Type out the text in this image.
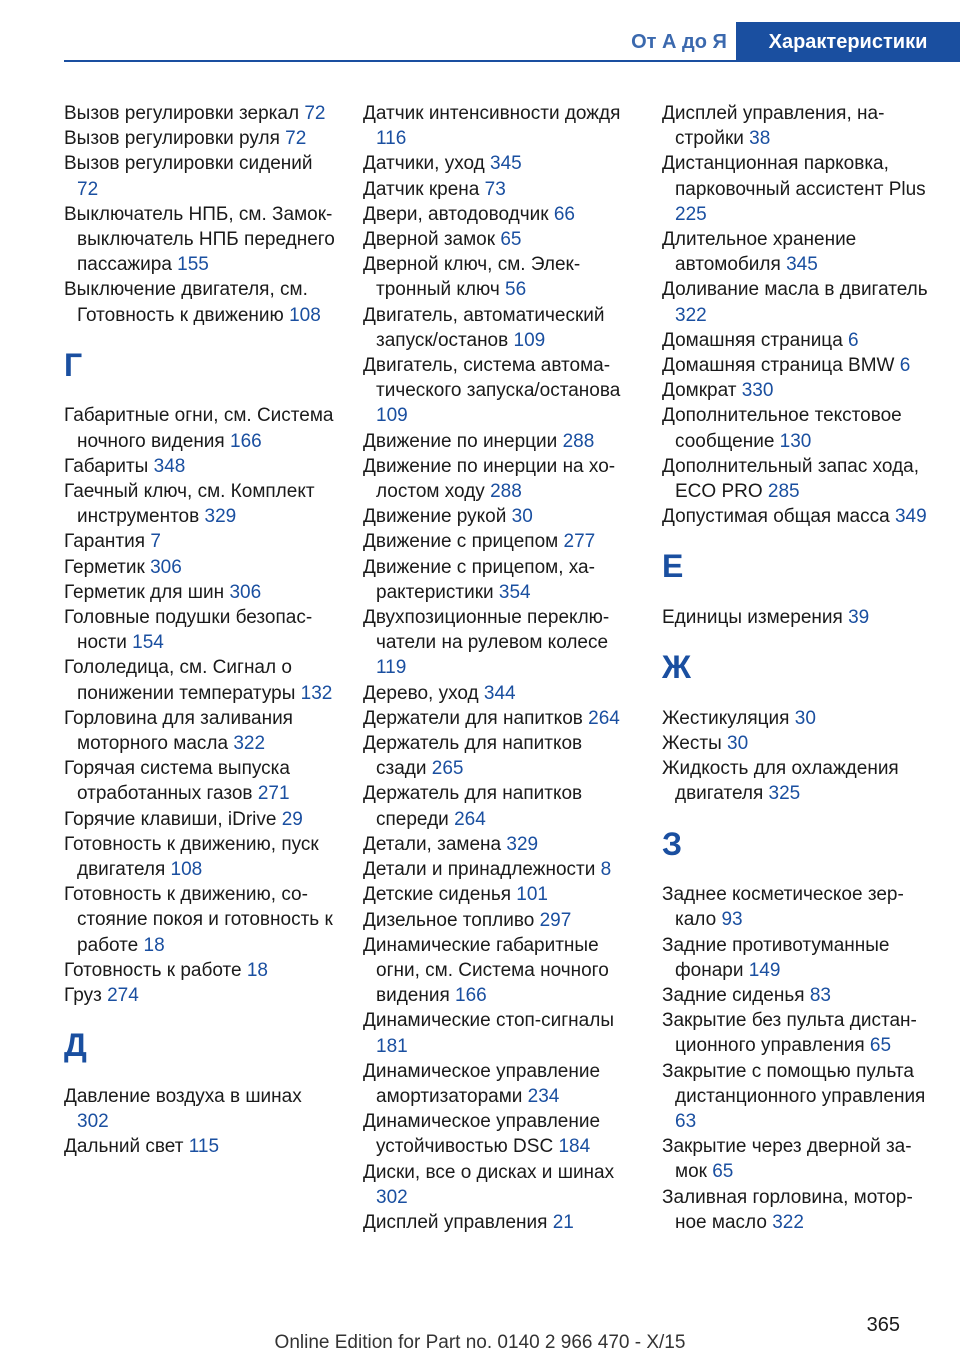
От А до Я	Характеристики
Вызов регулировки зеркал 72
Вызов регулировки руля 72
Вызов регулировки сидений 72
Выключатель НПБ, см. Замок-выключатель НПБ переднего пассажира 155
Выключение двигателя, см. Готовность к движению 108
Г
Габаритные огни, см. Система ночного видения 166
Габариты 348
Гаечный ключ, см. Комплект инструментов 329
Гарантия 7
Герметик 306
Герметик для шин 306
Головные подушки безопасности 154
Гололедица, см. Сигнал о понижении температуры 132
Горловина для заливания моторного масла 322
Горячая система выпуска отработанных газов 271
Горячие клавиши, iDrive 29
Готовность к движению, пуск двигателя 108
Готовность к движению, состояние покоя и готовность к работе 18
Готовность к работе 18
Груз 274
Д
Давление воздуха в шинах 302
Дальний свет 115
Датчик интенсивности дождя 116
Датчики, уход 345
Датчик крена 73
Двери, автодоводчик 66
Дверной замок 65
Дверной ключ, см. Электронный ключ 56
Двигатель, автоматический запуск/останов 109
Двигатель, система автоматического запуска/останова 109
Движение по инерции 288
Движение по инерции на холостом ходу 288
Движение рукой 30
Движение с прицепом 277
Движение с прицепом, характеристики 354
Двухпозиционные переключатели на рулевом колесе 119
Дерево, уход 344
Держатели для напитков 264
Держатель для напитков сзади 265
Держатель для напитков спереди 264
Детали, замена 329
Детали и принадлежности 8
Детские сиденья 101
Дизельное топливо 297
Динамические габаритные огни, см. Система ночного видения 166
Динамические стоп-сигналы 181
Динамическое управление амортизаторами 234
Динамическое управление устойчивостью DSC 184
Диски, все о дисках и шинах 302
Дисплей управления 21
Дисплей управления, настройки 38
Дистанционная парковка, парковочный ассистент Plus 225
Длительное хранение автомобиля 345
Доливание масла в двигатель 322
Домашняя страница 6
Домашняя страница BMW 6
Домкрат 330
Дополнительное текстовое сообщение 130
Дополнительный запас хода, ECO PRO 285
Допустимая общая масса 349
Е
Единицы измерения 39
Ж
Жестикуляция 30
Жесты 30
Жидкость для охлаждения двигателя 325
З
Заднее косметическое зеркало 93
Задние противотуманные фонари 149
Задние сиденья 83
Закрытие без пульта дистанционного управления 65
Закрытие с помощью пульта дистанционного управления 63
Закрытие через дверной замок 65
Заливная горловина, моторное масло 322
365
Online Edition for Part no. 0140 2 966 470 - X/15
